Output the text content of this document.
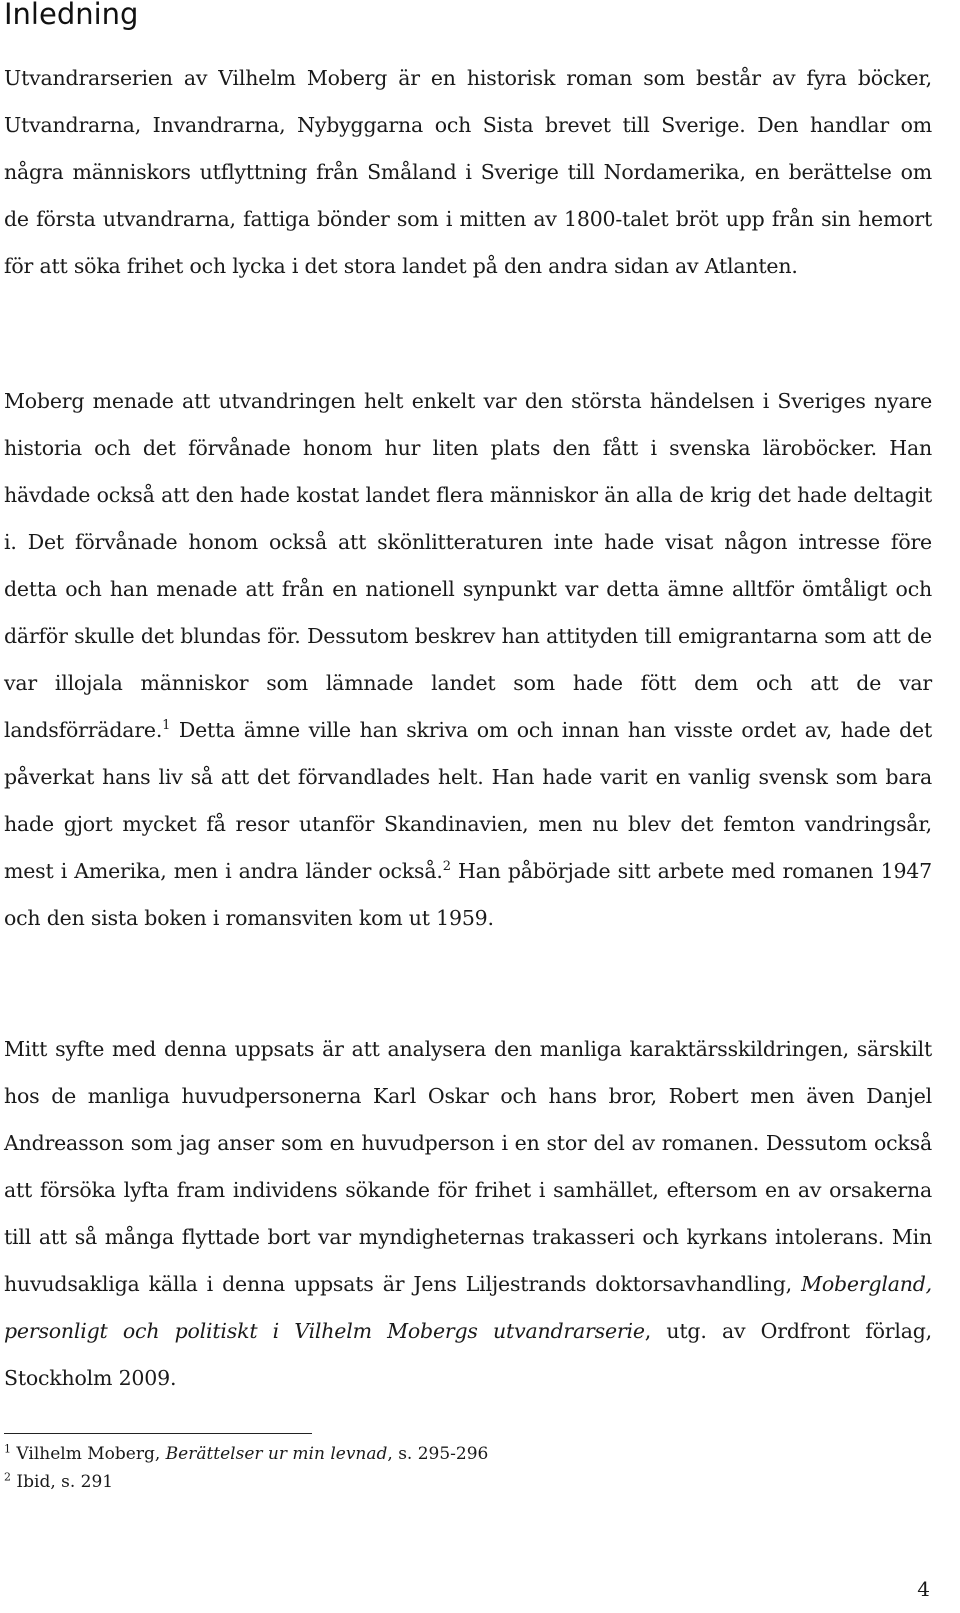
Inledning

Utvandrarserien av Vilhelm Moberg är en historisk roman som består av fyra böcker, Utvandrarna, Invandrarna, Nybyggarna och Sista brevet till Sverige. Den handlar om några människors utflyttning från Småland i Sverige till Nordamerika, en berättelse om de första utvandrarna, fattiga bönder som i mitten av 1800-talet bröt upp från sin hemort för att söka frihet och lycka i det stora landet på den andra sidan av Atlanten.

Moberg menade att utvandringen helt enkelt var den största händelsen i Sveriges nyare historia och det förvånade honom hur liten plats den fått i svenska läroböcker. Han hävdade också att den hade kostat landet flera människor än alla de krig det hade deltagit i. Det förvånade honom också att skönlitteraturen inte hade visat någon intresse före detta och han menade att från en nationell synpunkt var detta ämne alltför ömtåligt och därför skulle det blundas för. Dessutom beskrev han attityden till emigrantarna som att de var illojala människor som lämnade landet som hade fött dem och att de var landsförrädare.$^1$ Detta ämne ville han skriva om och innan han visste ordet av, hade det påverkat hans liv så att det förvandlades helt. Han hade varit en vanlig svensk som bara hade gjort mycket få resor utanför Skandinavien, men nu blev det femton vandringsår, mest i Amerika, men i andra länder också.$^2$ Han påbörjade sitt arbete med romanen 1947 och den sista boken i romansviten kom ut 1959.

Mitt syfte med denna uppsats är att analysera den manliga karaktärsskildringen, särskilt hos de manliga huvudpersonerna Karl Oskar och hans bror, Robert men även Danjel Andreasson som jag anser som en huvudperson i en stor del av romanen. Dessutom också att försöka lyfta fram individens sökande för frihet i samhället, eftersom en av orsakerna till att så många flyttade bort var myndigheternas trakasseri och kyrkans intolerans. Min huvudsakliga källa i denna uppsats är Jens Liljestrands doktorsavhandling, Mobergland, personligt och politiskt i Vilhelm Mobergs utvandrarserie, utg. av Ordfront förlag, Stockholm 2009.

$^1$ Vilhelm Moberg, Berättelser ur min levnad, s. 295-296
$^2$ Ibid, s. 291
4
